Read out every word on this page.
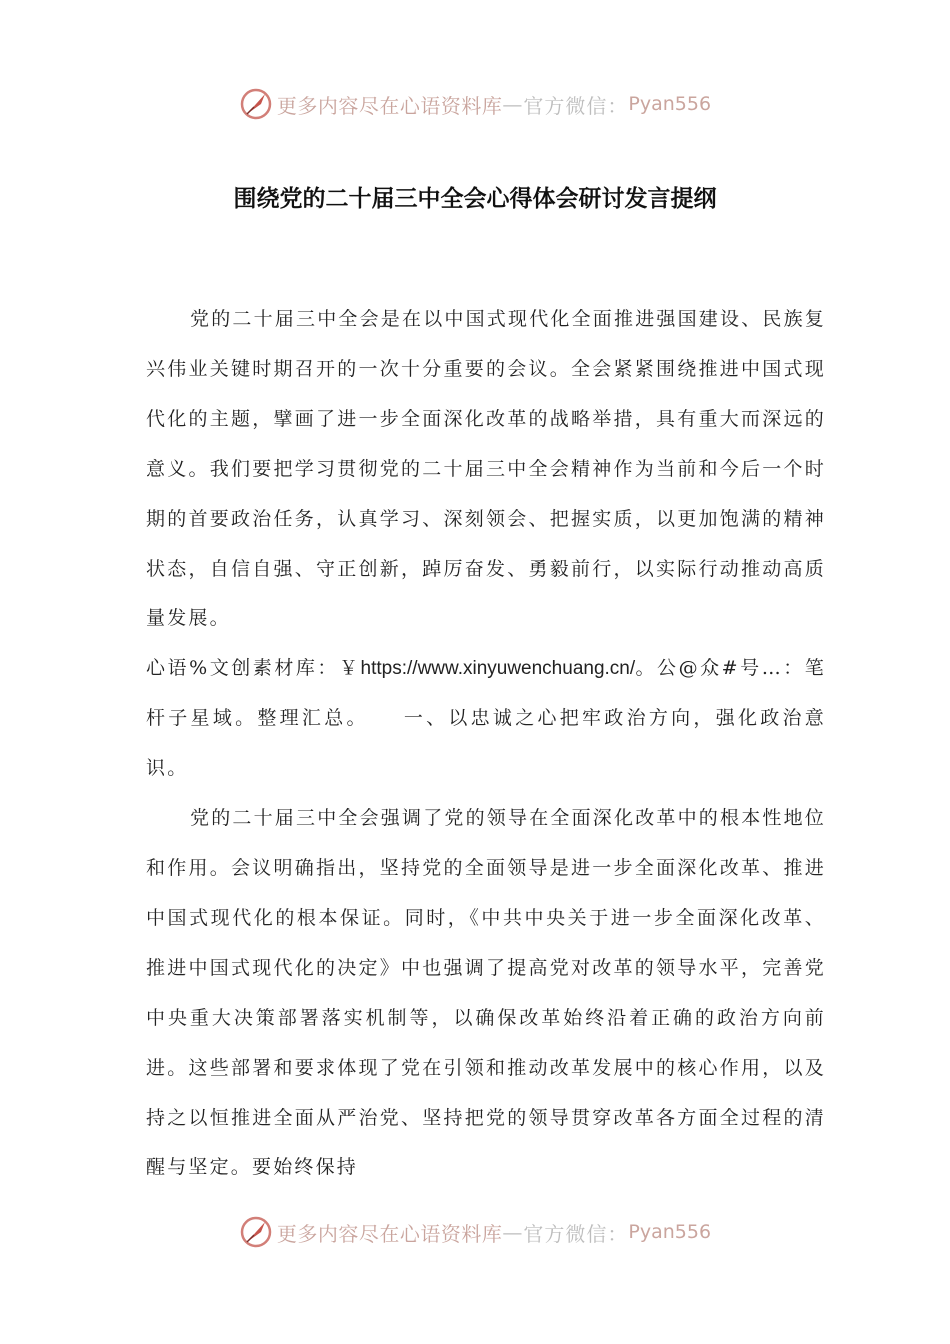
更多内容尽在心语资料库 — 官方微信： Pyan556
围绕党的二十届三中全会心得体会研讨发言提纲

党的二十届三中全会是在以中国式现代化全面推进强国建设、民族复兴伟业关键时期召开的一次十分重要的会议。全会紧紧围绕推进中国式现代化的主题，擘画了进一步全面深化改革的战略举措，具有重大而深远的意义。我们要把学习贯彻党的二十届三中全会精神作为当前和今后一个时期的首要政治任务，认真学习、深刻领会、把握实质，以更加饱满的精神状态，自信自强、守正创新，踔厉奋发、勇毅前行，以实际行动推动高质量发展。

心语%文创素材库：￥https://www.xinyuwenchuang.cn/。公@众#号…：笔杆子星域。整理汇总。　　一、以忠诚之心把牢政治方向，强化政治意识。

党的二十届三中全会强调了党的领导在全面深化改革中的根本性地位和作用。会议明确指出，坚持党的全面领导是进一步全面深化改革、推进中国式现代化的根本保证。同时，《中共中央关于进一步全面深化改革、推进中国式现代化的决定》中也强调了提高党对改革的领导水平，完善党中央重大决策部署落实机制等，以确保改革始终沿着正确的政治方向前进。这些部署和要求体现了党在引领和推动改革发展中的核心作用，以及持之以恒推进全面从严治党、坚持把党的领导贯穿改革各方面全过程的清醒与坚定。要始终保持

更多内容尽在心语资料库 — 官方微信： Pyan556
